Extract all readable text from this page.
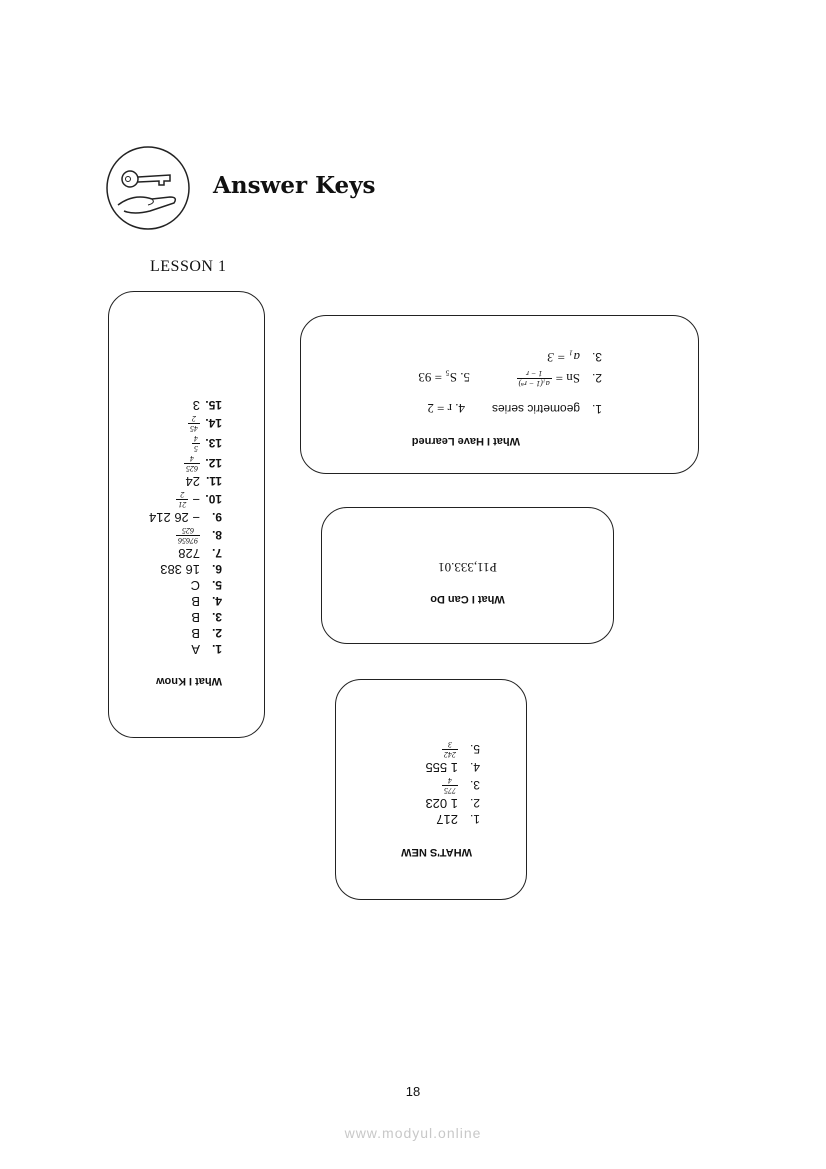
Answer Keys
LESSON 1
What I Know
1.
A
2.
B
3.
B
4.
B
5.
C
6.
16 383
7.
728
8.
97656
625
9.
− 26 214
10.
−
21
2
11.
24
12.
625
4
13.
5
4
14.
45
2
15.
3
What I Have Learned
1.
geometric series
4. r = 2
2.
Sn =
a₁(1 − rⁿ)
1 − r
5. S₅ = 93
3.
a₁ = 3
What I Can Do
P11,333.01
WHAT'S NEW
1.
217
2.
1 023
3.
775
4
4.
1 555
5.
242
3
18
www.modyul.online
